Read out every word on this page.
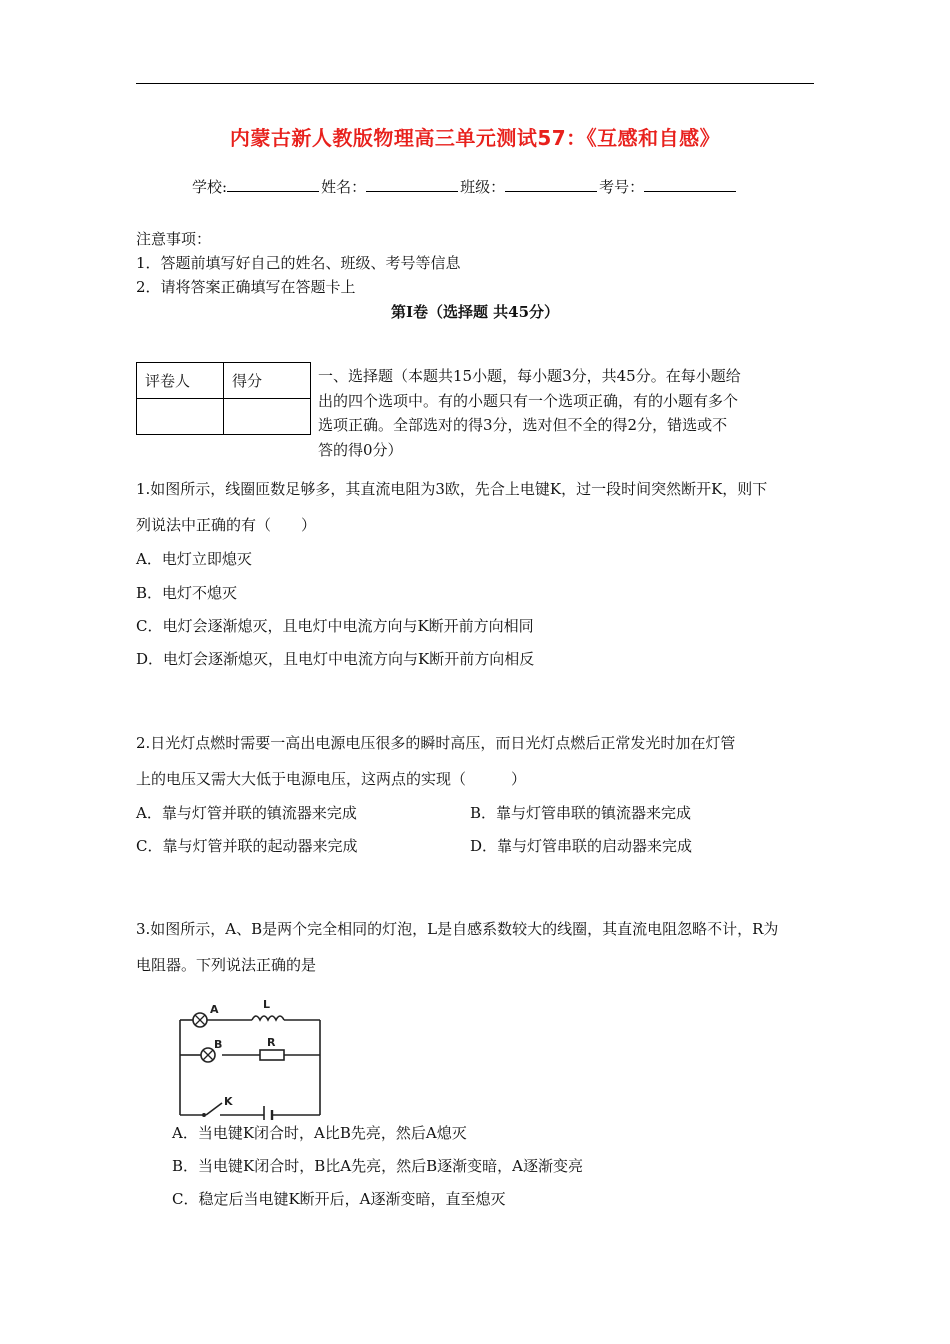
内蒙古新人教版物理高三单元测试57：《互感和自感》
学校:	姓名：	班级：	考号：
注意事项：
1．答题前填写好自己的姓名、班级、考号等信息
2．请将答案正确填写在答题卡上
第Ⅰ卷（选择题 共45分）
评卷人	得分
		一、选择题（本题共15小题，每小题3分，共45分。在每小题给
出的四个选项中。有的小题只有一个选项正确，有的小题有多个
选项正确。全部选对的得3分，选对但不全的得2分，错选或不
答的得0分）
1.如图所示，线圈匝数足够多，其直流电阻为3欧，先合上电键K，过一段时间突然断开K，则下
列说法中正确的有（　　）
A．电灯立即熄灭
B．电灯不熄灭
C．电灯会逐渐熄灭，且电灯中电流方向与K断开前方向相同
D．电灯会逐渐熄灭，且电灯中电流方向与K断开前方向相反
2.日光灯点燃时需要一高出电源电压很多的瞬时高压，而日光灯点燃后正常发光时加在灯管
上的电压又需大大低于电源电压，这两点的实现（　　　）
A．靠与灯管并联的镇流器来完成	B．靠与灯管串联的镇流器来完成
C．靠与灯管并联的起动器来完成	D．靠与灯管串联的启动器来完成
3.如图所示，A、B是两个完全相同的灯泡，L是自感系数较大的线圈，其直流电阻忽略不计，R为
电阻器。下列说法正确的是
A	L
B	R
K
A．当电键K闭合时，A比B先亮，然后A熄灭
B．当电键K闭合时，B比A先亮，然后B逐渐变暗，A逐渐变亮
C．稳定后当电键K断开后，A逐渐变暗，直至熄灭
